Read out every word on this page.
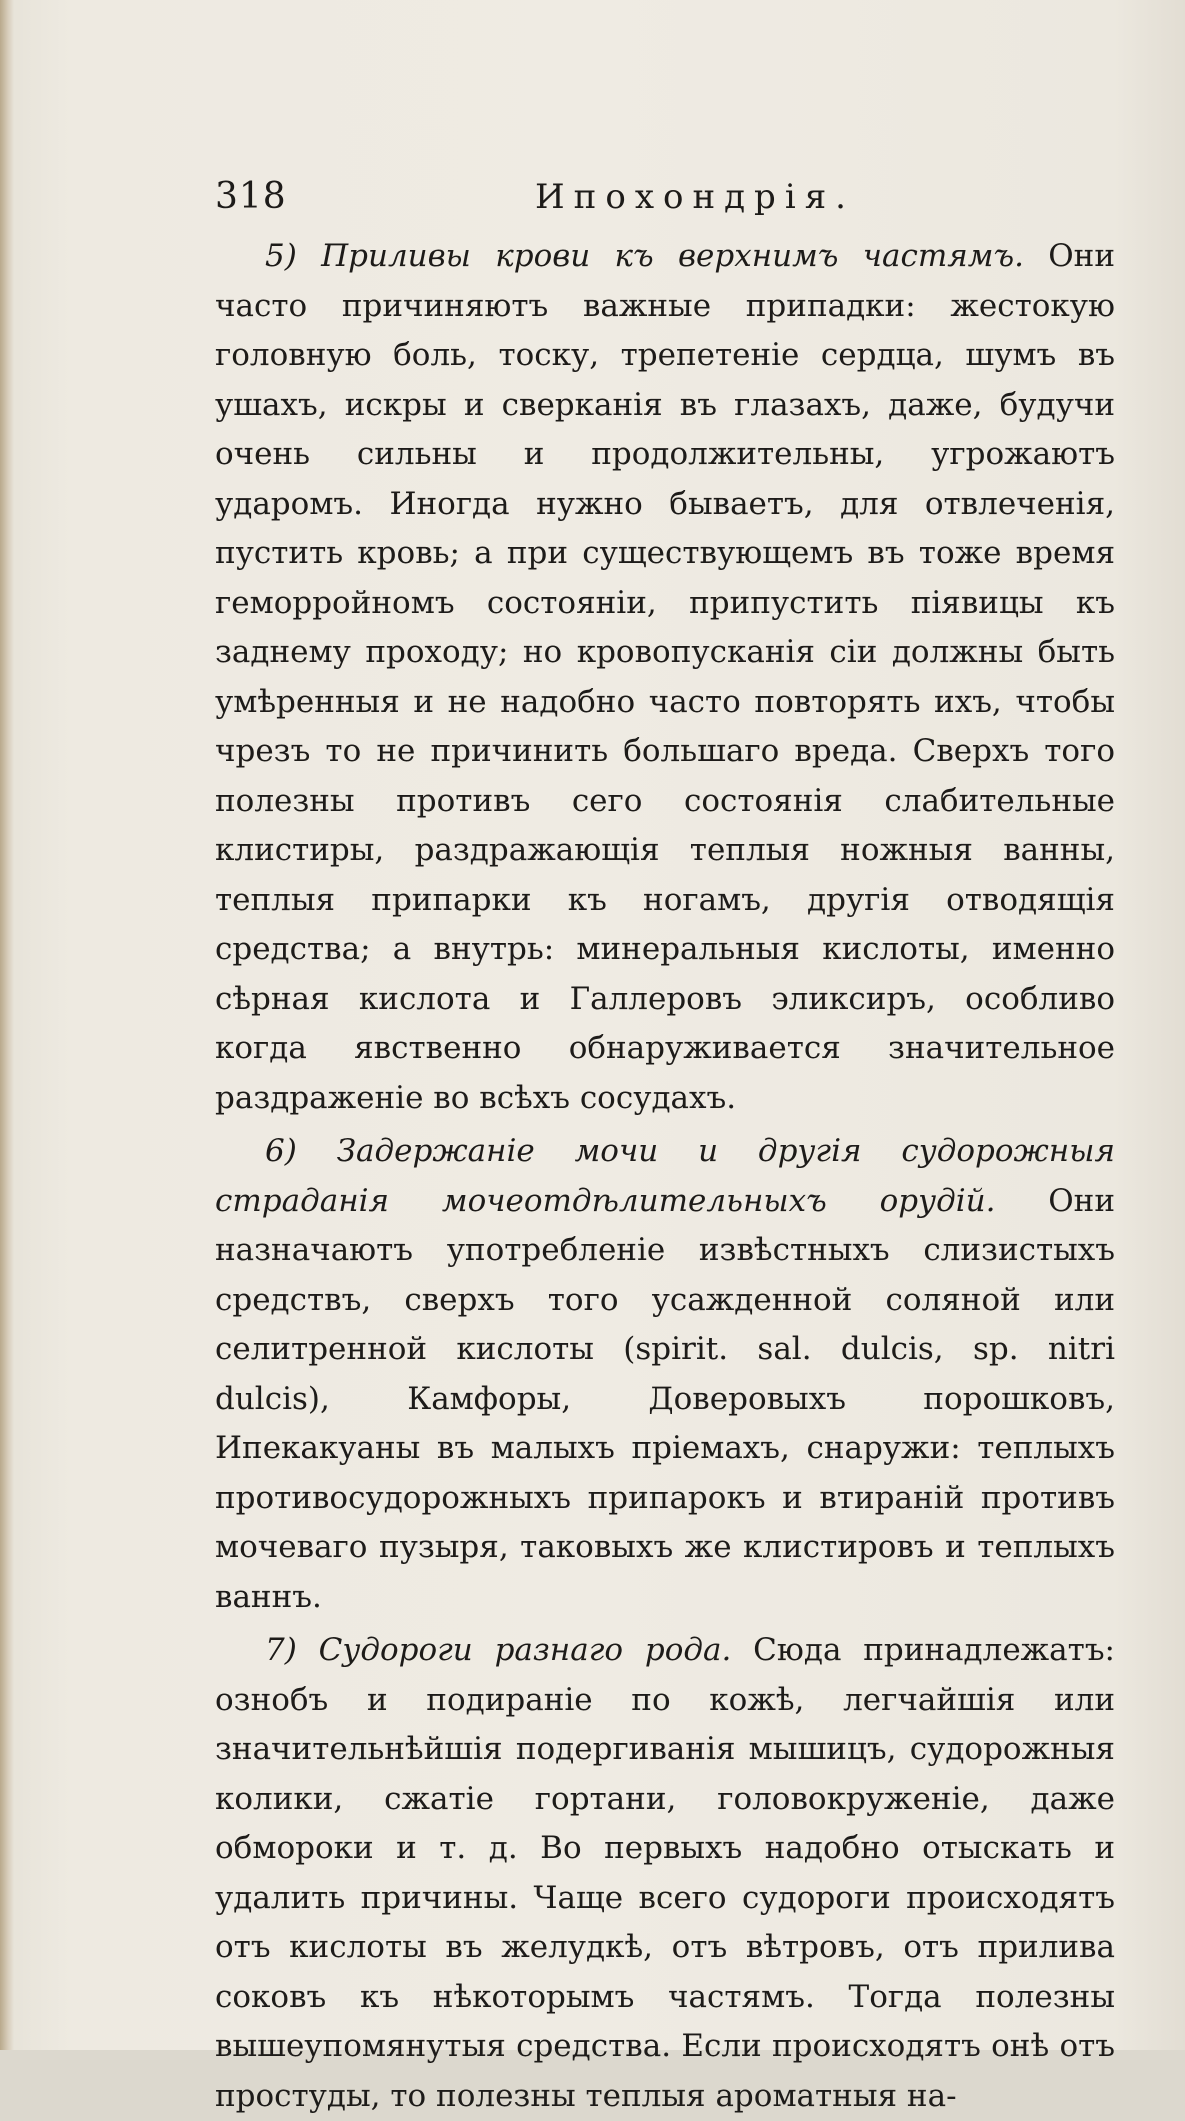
318	Ипохондрія.

5) Приливы крови къ верхнимъ частямъ. Они часто причиняютъ важные припадки: жестокую головную боль, тоску, трепетеніе сердца, шумъ въ ушахъ, искры и сверканія въ глазахъ, даже, будучи очень сильны и продолжительны, угрожаютъ ударомъ. Иногда нужно бываетъ, для отвлеченія, пустить кровь; а при существующемъ въ тоже время геморройномъ состояніи, припустить піявицы къ заднему проходу; но кровопусканія сіи должны быть умѣренныя и не надобно часто повторять ихъ, чтобы чрезъ то не причинить большаго вреда. Сверхъ того полезны противъ сего состоянія слабительные клистиры, раздражающія теплыя ножныя ванны, теплыя припарки къ ногамъ, другія отводящія средства; а внутрь: минеральныя кислоты, именно сѣрная кислота и Галлеровъ эликсиръ, особливо когда явственно обнаруживается значительное раздраженіе во всѣхъ сосудахъ.

6) Задержаніе мочи и другія судорожныя страданія мочеотдѣлительныхъ орудій. Они назначаютъ употребленіе извѣстныхъ слизистыхъ средствъ, сверхъ того усажденной соляной или селитренной кислоты (spirit. sal. dulcis, sp. nitri dulcis), Камфоры, Доверовыхъ порошковъ, Ипекакуаны въ малыхъ пріемахъ, снаружи: теплыхъ противосудорожныхъ припарокъ и втираній противъ мочеваго пузыря, таковыхъ же клистировъ и теплыхъ ваннъ.

7) Судороги разнаго рода. Сюда принадлежатъ: ознобъ и подираніе по кожѣ, легчайшія или значительнѣйшія подергиванія мышицъ, судорожныя колики, сжатіе гортани, головокруженіе, даже обмороки и т. д. Во первыхъ надобно отыскать и удалить причины. Чаще всего судороги происходятъ отъ кислоты въ желудкѣ, отъ вѣтровъ, отъ прилива соковъ къ нѣкоторымъ частямъ. Тогда полезны вышеупомянутыя средства. Если происходятъ онѣ отъ простуды, то полезны теплыя ароматныя на-
